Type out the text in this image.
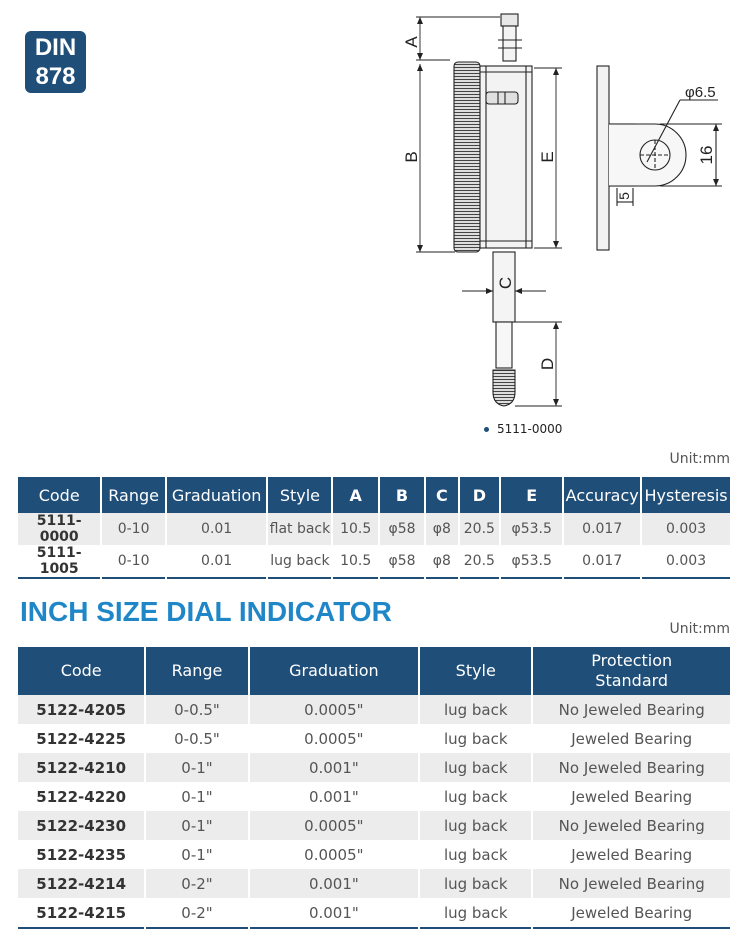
DIN
878
A
B	E
C
D
16
5
φ6.5
5111-0000
Unit:mm
Code	Range	Graduation	Style	A	B	C	D	E	Accuracy	Hysteresis
5111-0000	0-10	0.01	flat back	10.5	φ58	φ8	20.5	φ53.5	0.017	0.003
5111-1005	0-10	0.01	lug back	10.5	φ58	φ8	20.5	φ53.5	0.017	0.003
INCH SIZE DIAL INDICATOR
Unit:mm
Code	Range	Graduation	Style	Protection
Standard

5122-4205	0-0.5"	0.0005"	lug back	No Jeweled Bearing
5122-4225	0-0.5"	0.0005"	lug back	Jeweled Bearing
5122-4210	0-1"	0.001"	lug back	No Jeweled Bearing
5122-4220	0-1"	0.001"	lug back	Jeweled Bearing
5122-4230	0-1"	0.0005"	lug back	No Jeweled Bearing
5122-4235	0-1"	0.0005"	lug back	Jeweled Bearing
5122-4214	0-2"	0.001"	lug back	No Jeweled Bearing
5122-4215	0-2"	0.001"	lug back	Jeweled Bearing
